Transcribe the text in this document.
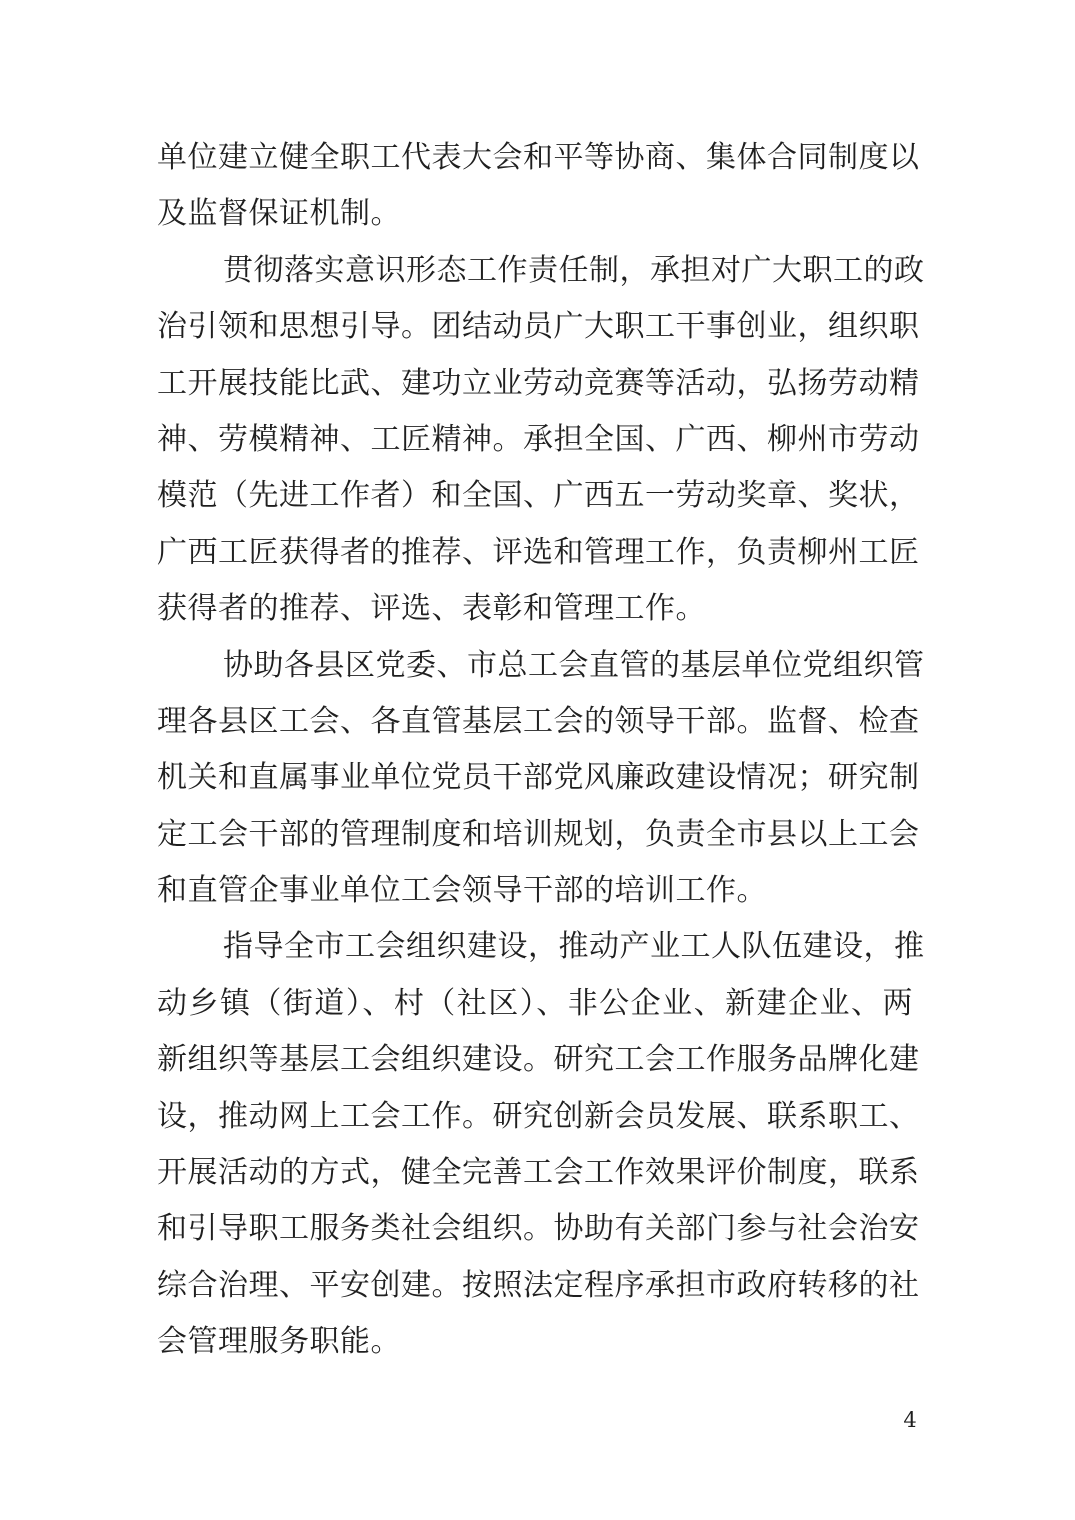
单位建立健全职工代表大会和平等协商、集体合同制度以
及监督保证机制。
贯彻落实意识形态工作责任制，承担对广大职工的政
治引领和思想引导。团结动员广大职工干事创业，组织职
工开展技能比武、建功立业劳动竞赛等活动，弘扬劳动精
神、劳模精神、工匠精神。承担全国、广西、柳州市劳动
模范（先进工作者）和全国、广西五一劳动奖章、奖状，
广西工匠获得者的推荐、评选和管理工作，负责柳州工匠
获得者的推荐、评选、表彰和管理工作。
协助各县区党委、市总工会直管的基层单位党组织管
理各县区工会、各直管基层工会的领导干部。监督、检查
机关和直属事业单位党员干部党风廉政建设情况；研究制
定工会干部的管理制度和培训规划，负责全市县以上工会
和直管企事业单位工会领导干部的培训工作。
指导全市工会组织建设，推动产业工人队伍建设，推
动乡镇（街道）、村（社区）、非公企业、新建企业、两
新组织等基层工会组织建设。研究工会工作服务品牌化建
设，推动网上工会工作。研究创新会员发展、联系职工、
开展活动的方式，健全完善工会工作效果评价制度，联系
和引导职工服务类社会组织。协助有关部门参与社会治安
综合治理、平安创建。按照法定程序承担市政府转移的社
会管理服务职能。
4
